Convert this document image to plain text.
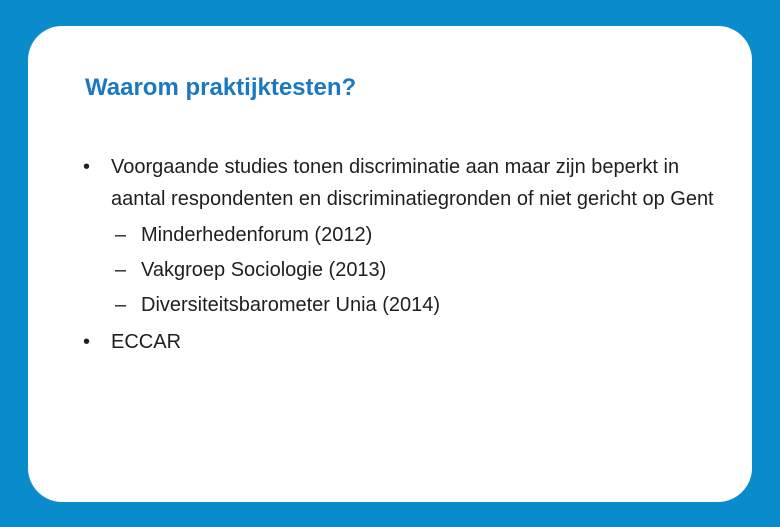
Waarom praktijktesten?
• Voorgaande studies tonen discriminatie aan maar zijn beperkt in aantal respondenten en discriminatiegronden of niet gericht op Gent
– Minderhedenforum (2012)
– Vakgroep Sociologie (2013)
– Diversiteitsbarometer Unia (2014)
• ECCAR
